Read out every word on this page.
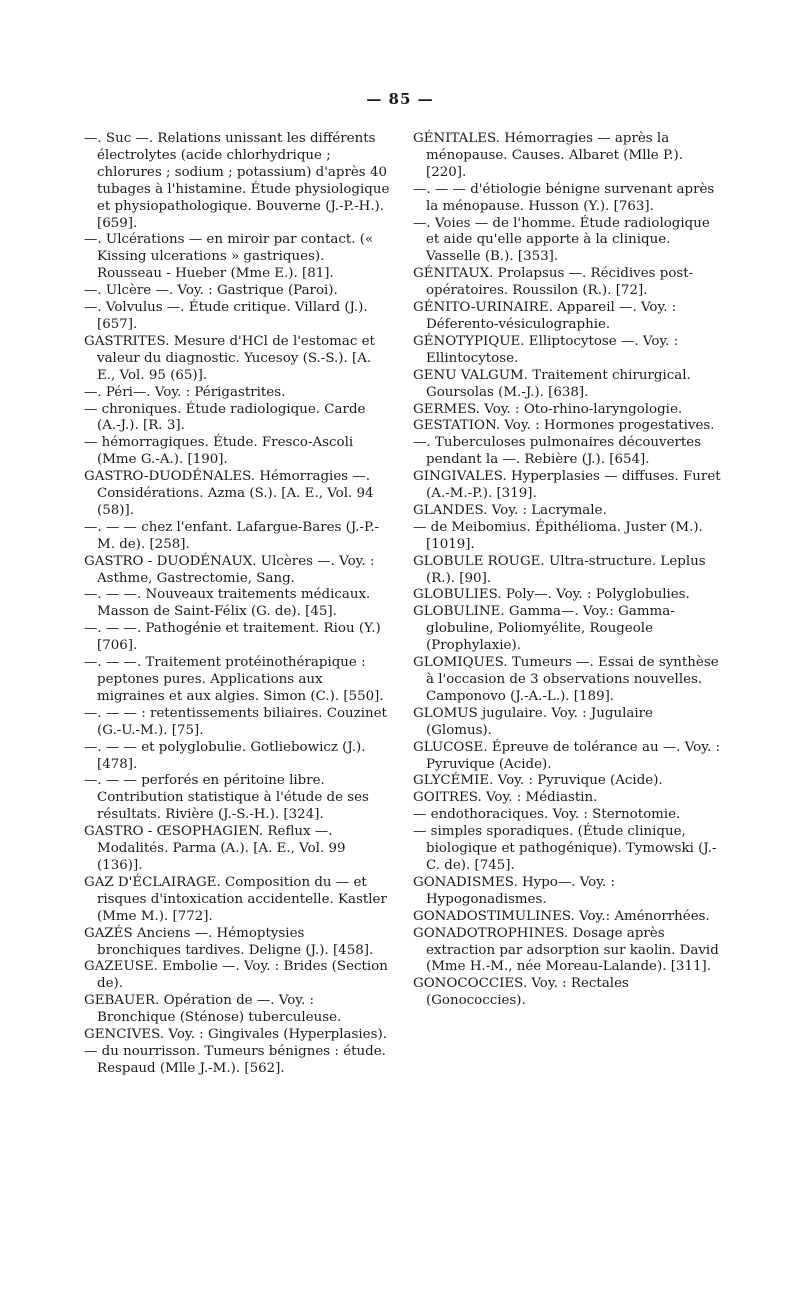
— 85 —

—. Suc —. Relations unissant les différents électrolytes (acide chlorhydrique ; chlorures ; sodium ; potassium) d'après 40 tubages à l'histamine. Étude physiologique et physiopathologique. Bouverne (J.-P.-H.). [659].

—. Ulcérations — en miroir par contact. (« Kissing ulcerations » gastriques). Rousseau - Hueber (Mme E.). [81].

—. Ulcère —. Voy. : Gastrique (Paroi).

—. Volvulus —. Étude critique. Villard (J.). [657].

GASTRITES. Mesure d'HCl de l'estomac et valeur du diagnostic. Yucesoy (S.-S.). [A. E., Vol. 95 (65)].

—. Péri—. Voy. : Périgastrites.

— chroniques. Étude radiologique. Carde (A.-J.). [R. 3].

— hémorragiques. Étude. Fresco-Ascoli (Mme G.-A.). [190].

GASTRO-DUODÉNALES. Hémorragies —. Considérations. Azma (S.). [A. E., Vol. 94 (58)].

—. — — chez l'enfant. Lafargue-Bares (J.-P.-M. de). [258].

GASTRO - DUODÉNAUX. Ulcères —. Voy. : Asthme, Gastrectomie, Sang.

—. — —. Nouveaux traitements médicaux. Masson de Saint-Félix (G. de). [45].

—. — —. Pathogénie et traitement. Riou (Y.) [706].

—. — —. Traitement protéinothérapique : peptones pures. Applications aux migraines et aux algies. Simon (C.). [550].

—. — — : retentissements biliaires. Couzinet (G.-U.-M.). [75].

—. — — et polyglobulie. Gotliebowicz (J.). [478].

—. — — perforés en péritoine libre. Contribution statistique à l'étude de ses résultats. Rivière (J.-S.-H.). [324].

GASTRO - ŒSOPHAGIEN. Reflux —. Modalités. Parma (A.). [A. E., Vol. 99 (136)].

GAZ D'ÉCLAIRAGE. Composition du — et risques d'intoxication accidentelle. Kastler (Mme M.). [772].

GAZÉS Anciens —. Hémoptysies bronchiques tardives. Deligne (J.). [458].

GAZEUSE. Embolie —. Voy. : Brides (Section de).

GEBAUER. Opération de —. Voy. : Bronchique (Sténose) tuberculeuse.

GENCIVES. Voy. : Gingivales (Hyperplasies).

— du nourrisson. Tumeurs bénignes : étude. Respaud (Mlle J.-M.). [562].

GÉNITALES. Hémorragies — après la ménopause. Causes. Albaret (Mlle P.). [220].

—. — — d'étiologie bénigne survenant après la ménopause. Husson (Y.). [763].

—. Voies — de l'homme. Étude radiologique et aide qu'elle apporte à la clinique. Vasselle (B.). [353].

GÉNITAUX. Prolapsus —. Récidives post-opératoires. Roussilon (R.). [72].

GÉNITO-URINAIRE. Appareil —. Voy. : Déferento-vésiculographie.

GÉNOTYPIQUE. Elliptocytose —. Voy. : Ellintocytose.

GENU VALGUM. Traitement chirurgical. Goursolas (M.-J.). [638].

GERMES. Voy. : Oto-rhino-laryngologie.

GESTATION. Voy. : Hormones progestatives.

—. Tuberculoses pulmonaires découvertes pendant la —. Rebière (J.). [654].

GINGIVALES. Hyperplasies — diffuses. Furet (A.-M.-P.). [319].

GLANDES. Voy. : Lacrymale.

— de Meibomius. Épithélioma. Juster (M.). [1019].

GLOBULE ROUGE. Ultra-structure. Leplus (R.). [90].

GLOBULIES. Poly—. Voy. : Polyglobulies.

GLOBULINE. Gamma—. Voy.: Gamma-globuline, Poliomyélite, Rougeole (Prophylaxie).

GLOMIQUES. Tumeurs —. Essai de synthèse à l'occasion de 3 observations nouvelles. Camponovo (J.-A.-L.). [189].

GLOMUS jugulaire. Voy. : Jugulaire (Glomus).

GLUCOSE. Épreuve de tolérance au —. Voy. : Pyruvique (Acide).

GLYCÉMIE. Voy. : Pyruvique (Acide).

GOITRES. Voy. : Médiastin.

— endothoraciques. Voy. : Sternotomie.

— simples sporadiques. (Étude clinique, biologique et pathogénique). Tymowski (J.-C. de). [745].

GONADISMES. Hypo—. Voy. : Hypogonadismes.

GONADOSTIMULINES. Voy.: Aménorrhées.

GONADOTROPHINES. Dosage après extraction par adsorption sur kaolin. David (Mme H.-M., née Moreau-Lalande). [311].

GONOCOCCIES. Voy. : Rectales (Gonococcies).
